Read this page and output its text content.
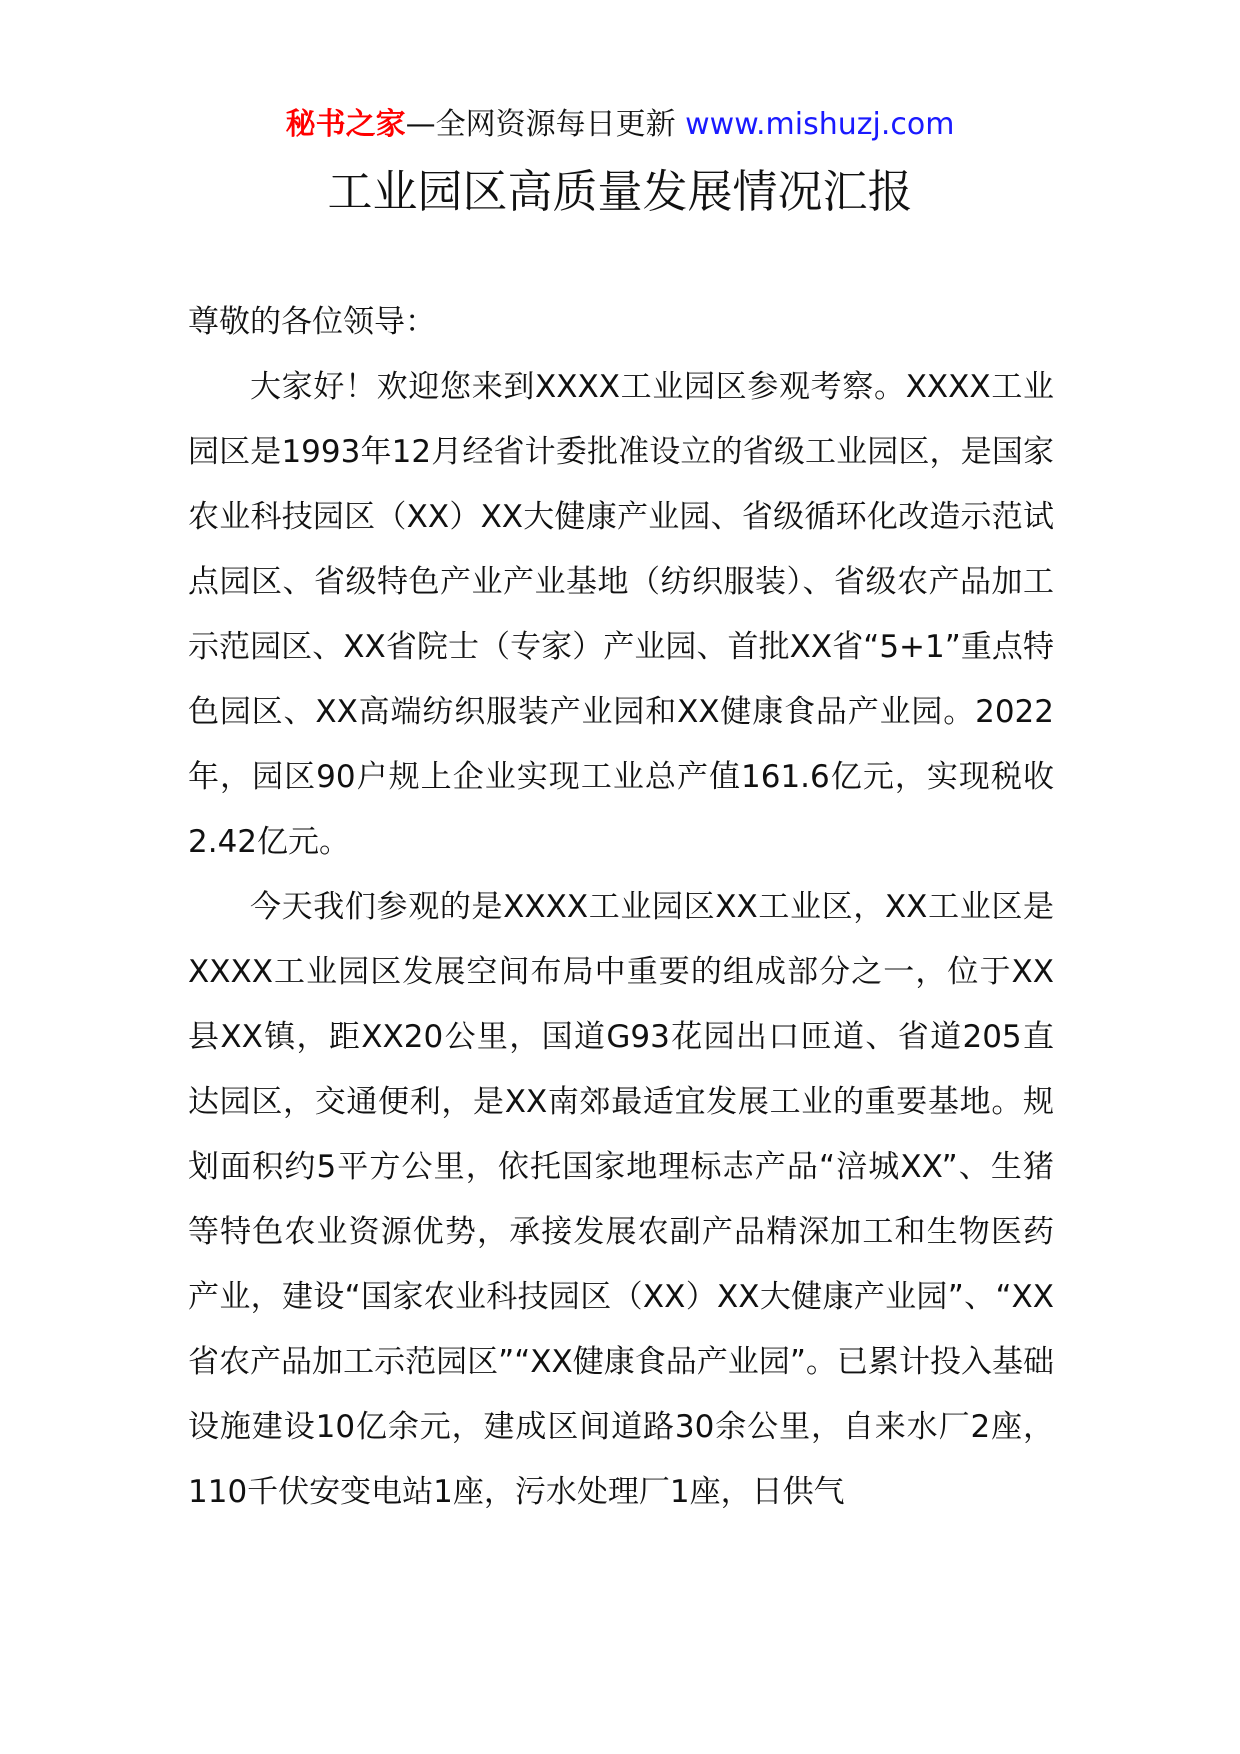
秘书之家—全网资源每日更新 www.mishuzj.com
工业园区高质量发展情况汇报

尊敬的各位领导：

大家好！欢迎您来到XXXX工业园区参观考察。XXXX工业园区是1993年12月经省计委批准设立的省级工业园区，是国家农业科技园区（XX）XX大健康产业园、省级循环化改造示范试点园区、省级特色产业产业基地（纺织服装）、省级农产品加工示范园区、XX省院士（专家）产业园、首批XX省“5+1”重点特色园区、XX高端纺织服装产业园和XX健康食品产业园。2022年，园区90户规上企业实现工业总产值161.6亿元，实现税收2.42亿元。

今天我们参观的是XXXX工业园区XX工业区，XX工业区是XXXX工业园区发展空间布局中重要的组成部分之一，位于XX县XX镇，距XX20公里，国道G93花园出口匝道、省道205直达园区，交通便利，是XX南郊最适宜发展工业的重要基地。规划面积约5平方公里，依托国家地理标志产品“涪城XX”、生猪等特色农业资源优势，承接发展农副产品精深加工和生物医药产业，建设“国家农业科技园区（XX）XX大健康产业园”、“XX省农产品加工示范园区”“XX健康食品产业园”。已累计投入基础设施建设10亿余元，建成区间道路30余公里，自来水厂2座，110千伏安变电站1座，污水处理厂1座，日供气
